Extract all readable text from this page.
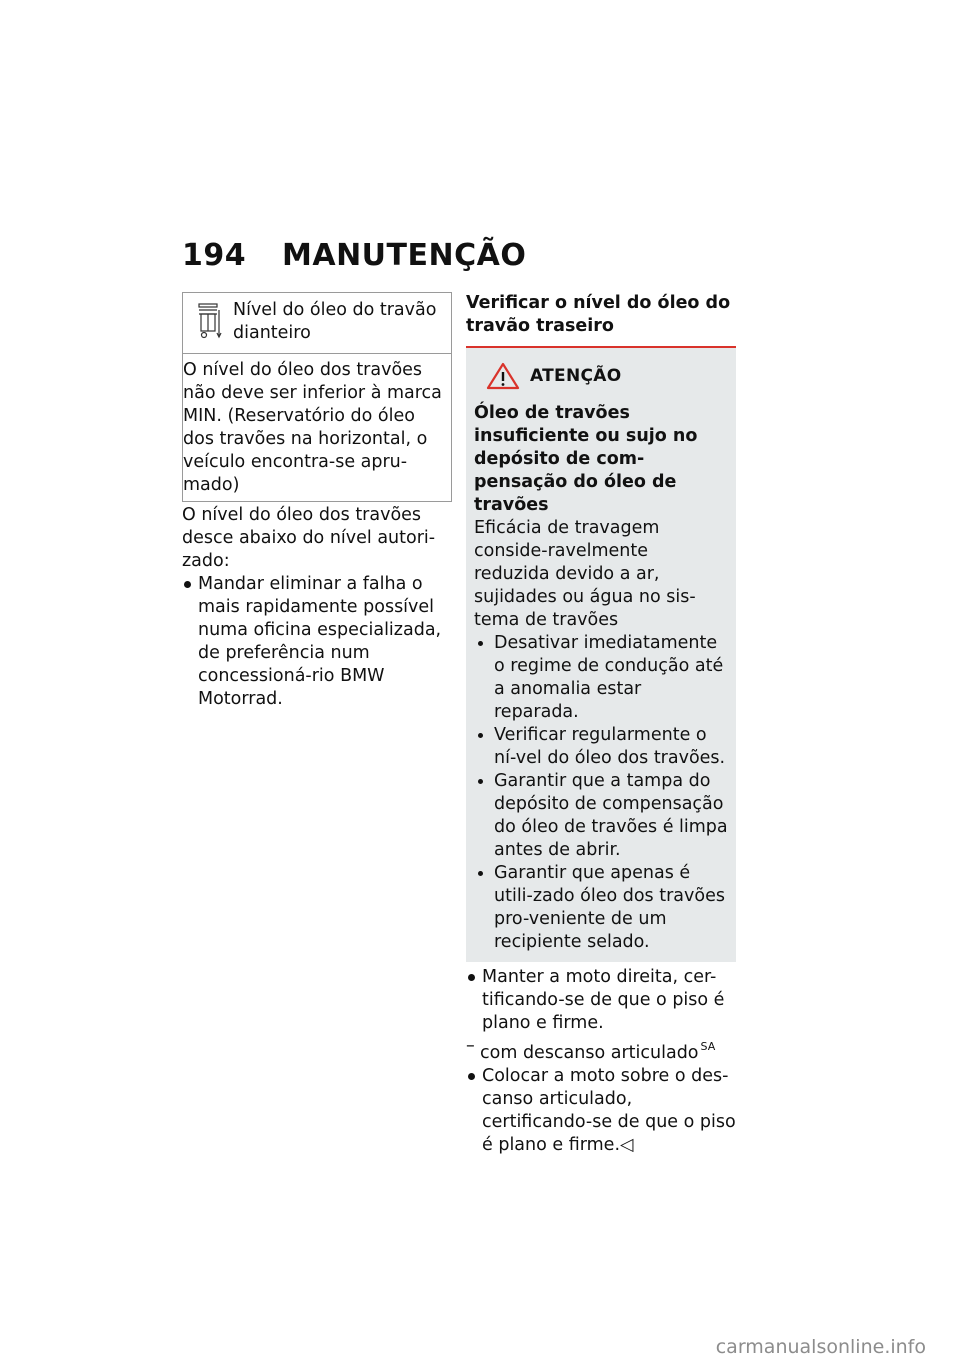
194 MANUTENÇÃO
Nível do óleo do travão dianteiro
O nível do óleo dos travões não deve ser inferior à marca MIN. (Reservatório do óleo dos travões na horizontal, o veículo encontra-se apru-mado)

O nível do óleo dos travões desce abaixo do nível autori-zado:

Mandar eliminar a falha o mais rapidamente possível numa oficina especializada, de preferência num concessioná-rio BMW Motorrad.
Verificar o nível do óleo do travão traseiro
ATENÇÃO
Óleo de travões insuficiente ou sujo no depósito de com-pensação do óleo de travões
Eficácia de travagem conside-ravelmente reduzida devido a ar, sujidades ou água no sis-tema de travões
Desativar imediatamente o regime de condução até a anomalia estar reparada.
Verificar regularmente o ní-vel do óleo dos travões.
Garantir que a tampa do depósito de compensação do óleo de travões é limpa antes de abrir.
Garantir que apenas é utili-zado óleo dos travões pro-veniente de um recipiente selado.
Manter a moto direita, cer-tificando-se de que o piso é plano e firme.
– com descanso articulado $^{SA}$
Colocar a moto sobre o des-canso articulado, certificando-se de que o piso é plano e firme.◁
carmanualsonline.info
